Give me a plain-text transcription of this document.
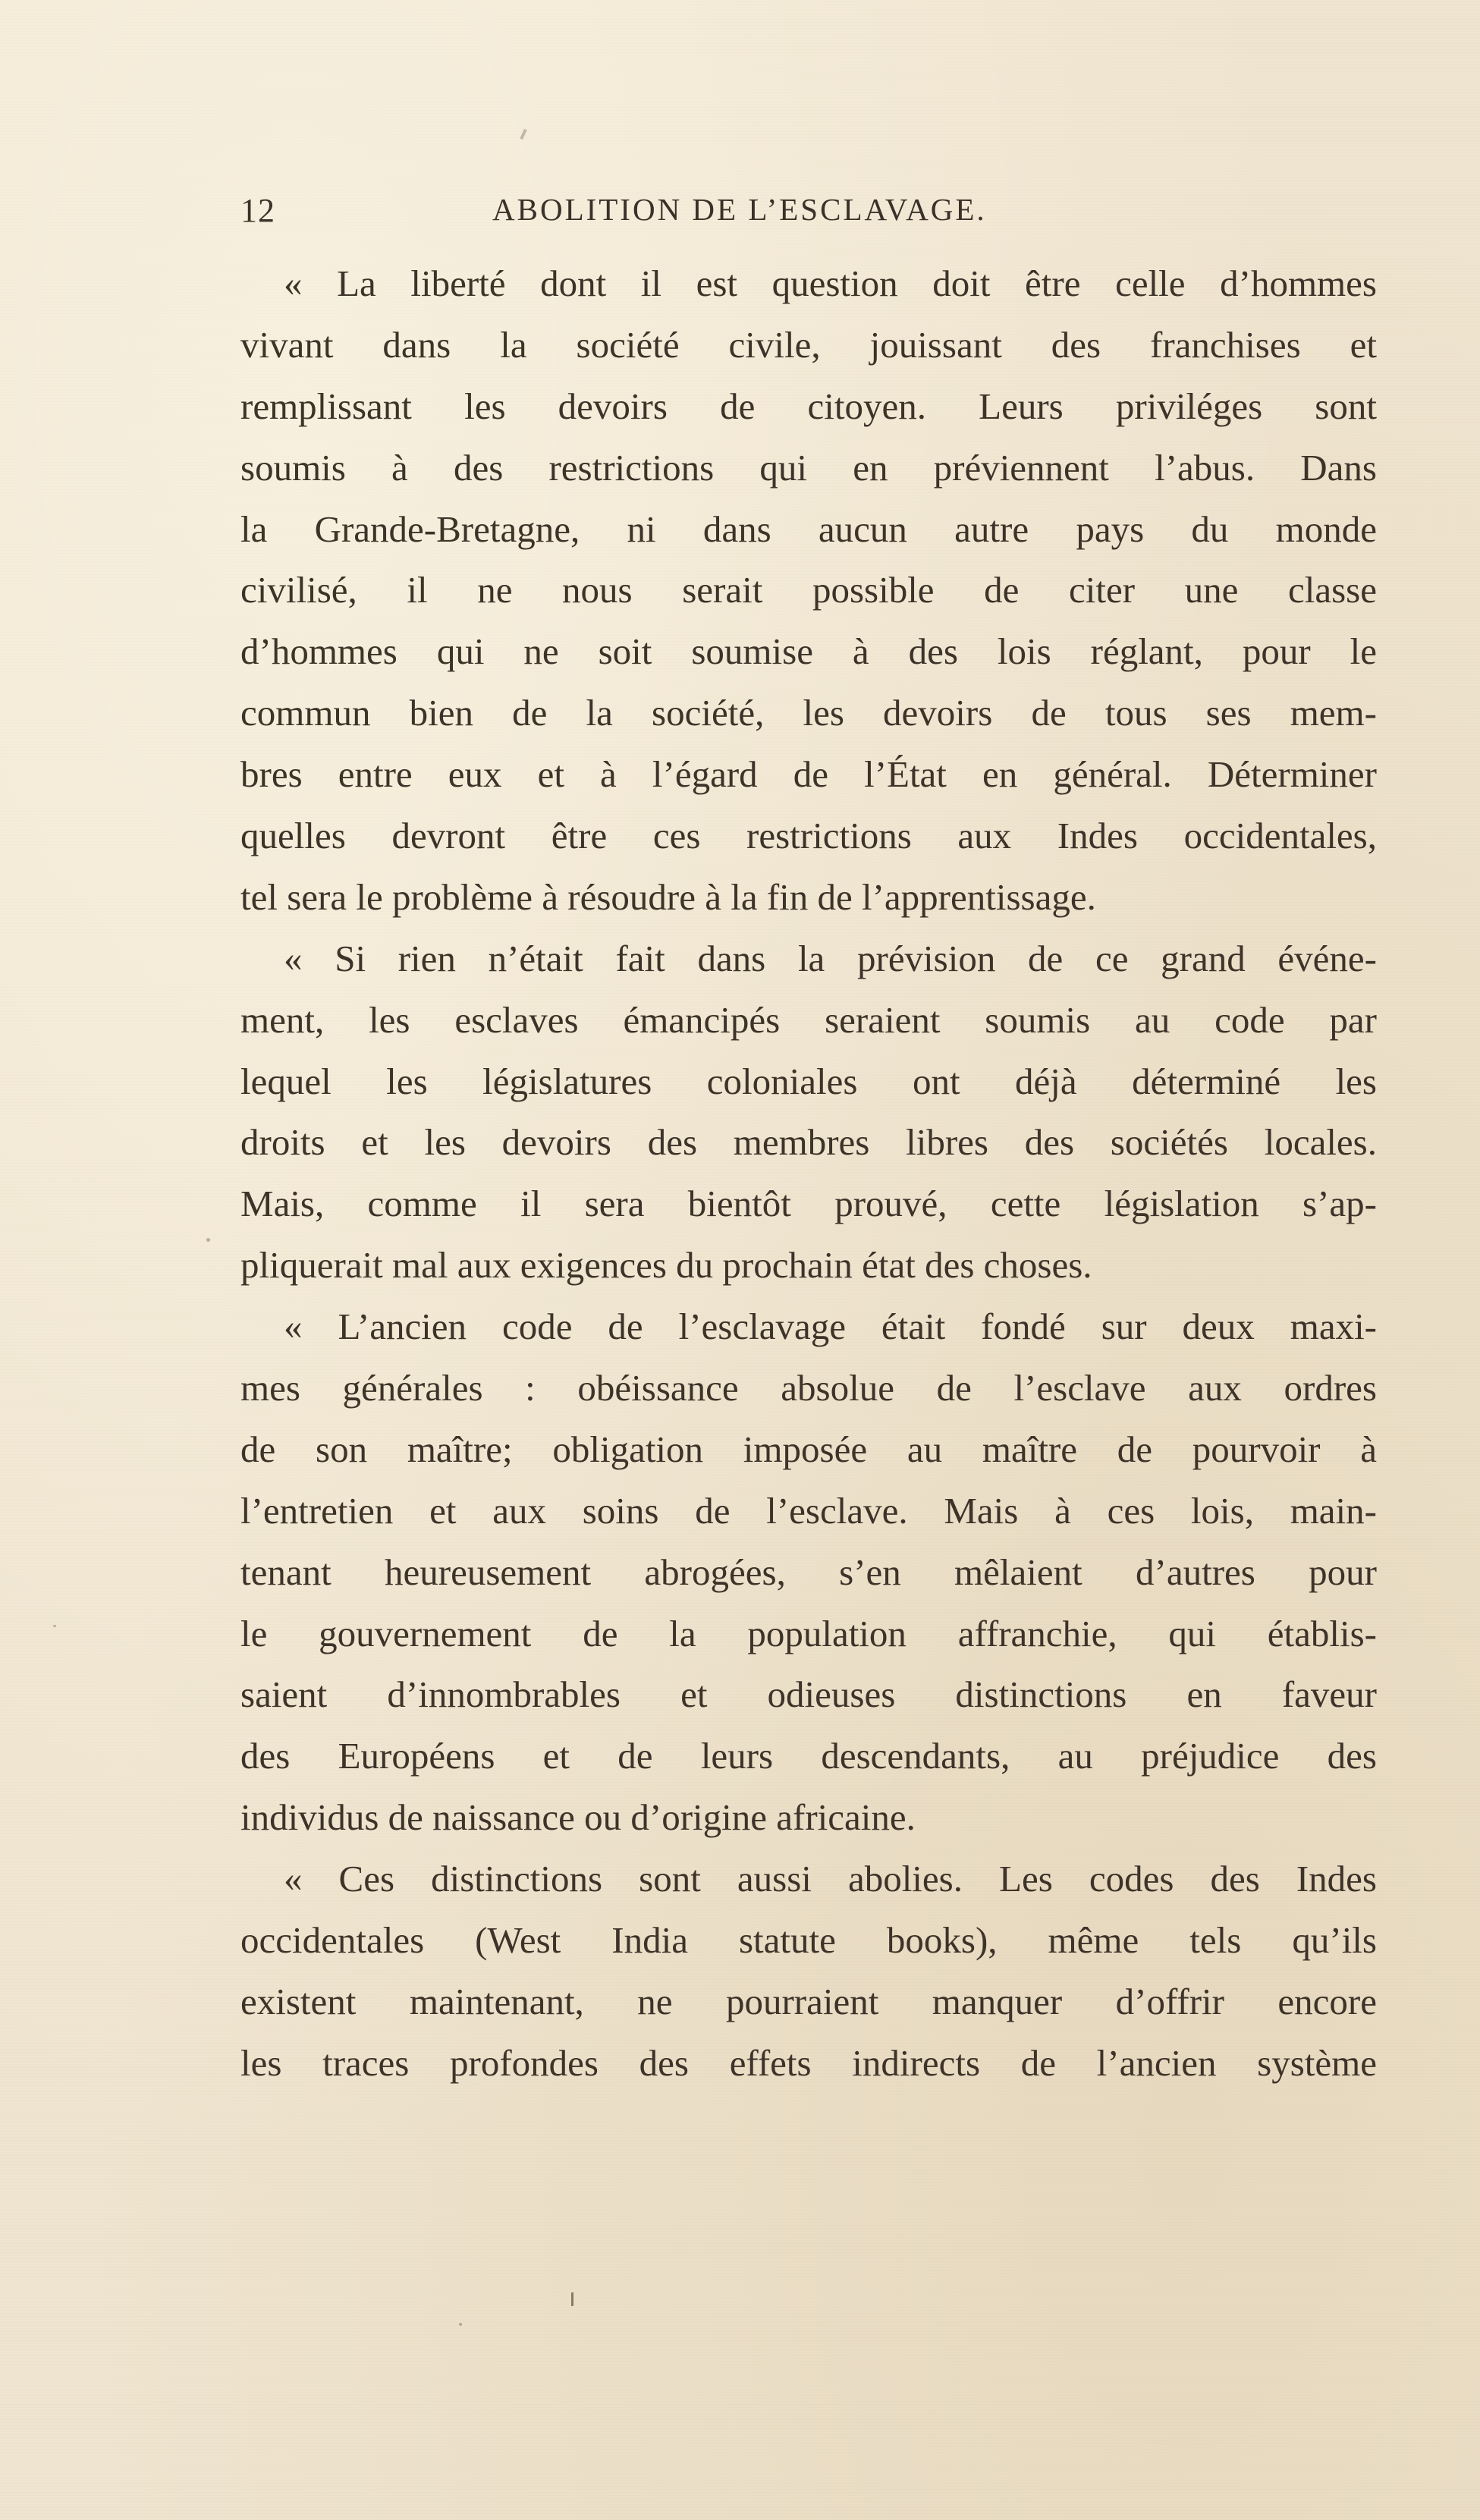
12	ABOLITION DE L’ESCLAVAGE.
« La liberté dont il est question doit être celle d’hommes
vivant dans la société civile, jouissant des franchises et
remplissant les devoirs de citoyen. Leurs priviléges sont
soumis à des restrictions qui en préviennent l’abus. Dans
la Grande-Bretagne, ni dans aucun autre pays du monde
civilisé, il ne nous serait possible de citer une classe
d’hommes qui ne soit soumise à des lois réglant, pour le
commun bien de la société, les devoirs de tous ses mem-
bres entre eux et à l’égard de l’État en général. Déterminer
quelles devront être ces restrictions aux Indes occidentales,
tel sera le problème à résoudre à la fin de l’apprentissage.
« Si rien n’était fait dans la prévision de ce grand événe-
ment, les esclaves émancipés seraient soumis au code par
lequel les législatures coloniales ont déjà déterminé les
droits et les devoirs des membres libres des sociétés locales.
Mais, comme il sera bientôt prouvé, cette législation s’ap-
pliquerait mal aux exigences du prochain état des choses.
« L’ancien code de l’esclavage était fondé sur deux maxi-
mes générales : obéissance absolue de l’esclave aux ordres
de son maître; obligation imposée au maître de pourvoir à
l’entretien et aux soins de l’esclave. Mais à ces lois, main-
tenant heureusement abrogées, s’en mêlaient d’autres pour
le gouvernement de la population affranchie, qui établis-
saient d’innombrables et odieuses distinctions en faveur
des Européens et de leurs descendants, au préjudice des
individus de naissance ou d’origine africaine.
« Ces distinctions sont aussi abolies. Les codes des Indes
occidentales (West India statute books), même tels qu’ils
existent maintenant, ne pourraient manquer d’offrir encore
les traces profondes des effets indirects de l’ancien système
